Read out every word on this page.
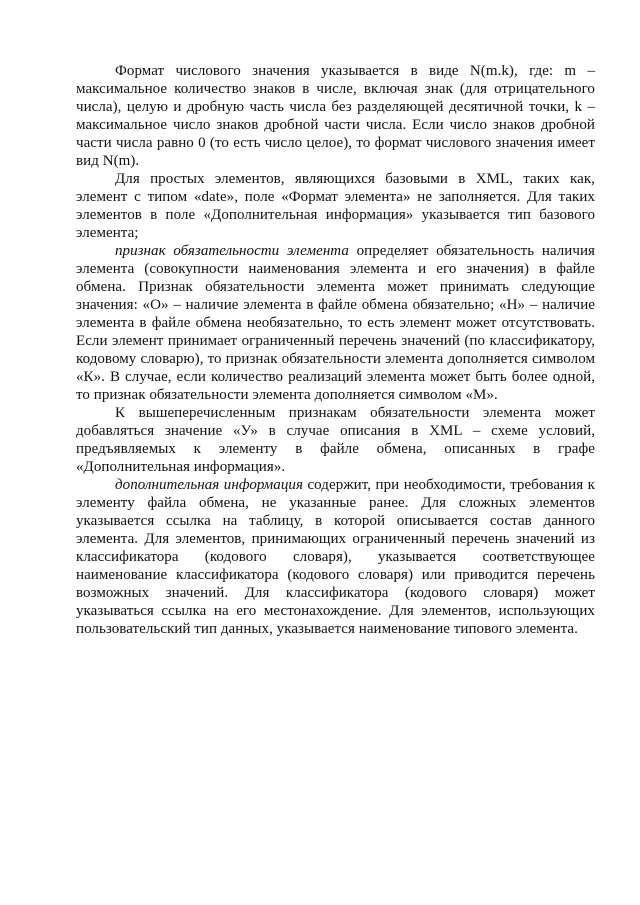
Формат числового значения указывается в виде N(m.k), где: m – максимальное количество знаков в числе, включая знак (для отрицательного числа), целую и дробную часть числа без разделяющей десятичной точки, k – максимальное число знаков дробной части числа. Если число знаков дробной части числа равно 0 (то есть число целое), то формат числового значения имеет вид N(m).

Для простых элементов, являющихся базовыми в XML, таких как, элемент с типом «date», поле «Формат элемента» не заполняется. Для таких элементов в поле «Дополнительная информация» указывается тип базового элемента;

признак обязательности элемента определяет обязательность наличия элемента (совокупности наименования элемента и его значения) в файле обмена. Признак обязательности элемента может принимать следующие значения: «О» – наличие элемента в файле обмена обязательно; «Н» – наличие элемента в файле обмена необязательно, то есть элемент может отсутствовать. Если элемент принимает ограниченный перечень значений (по классификатору, кодовому словарю), то признак обязательности элемента дополняется символом «К». В случае, если количество реализаций элемента может быть более одной, то признак обязательности элемента дополняется символом «М».

К вышеперечисленным признакам обязательности элемента может добавляться значение «У» в случае описания в XML – схеме условий, предъявляемых к элементу в файле обмена, описанных в графе «Дополнительная информация».

дополнительная информация содержит, при необходимости, требования к элементу файла обмена, не указанные ранее. Для сложных элементов указывается ссылка на таблицу, в которой описывается состав данного элемента. Для элементов, принимающих ограниченный перечень значений из классификатора (кодового словаря), указывается соответствующее наименование классификатора (кодового словаря) или приводится перечень возможных значений. Для классификатора (кодового словаря) может указываться ссылка на его местонахождение. Для элементов, использующих пользовательский тип данных, указывается наименование типового элемента.
